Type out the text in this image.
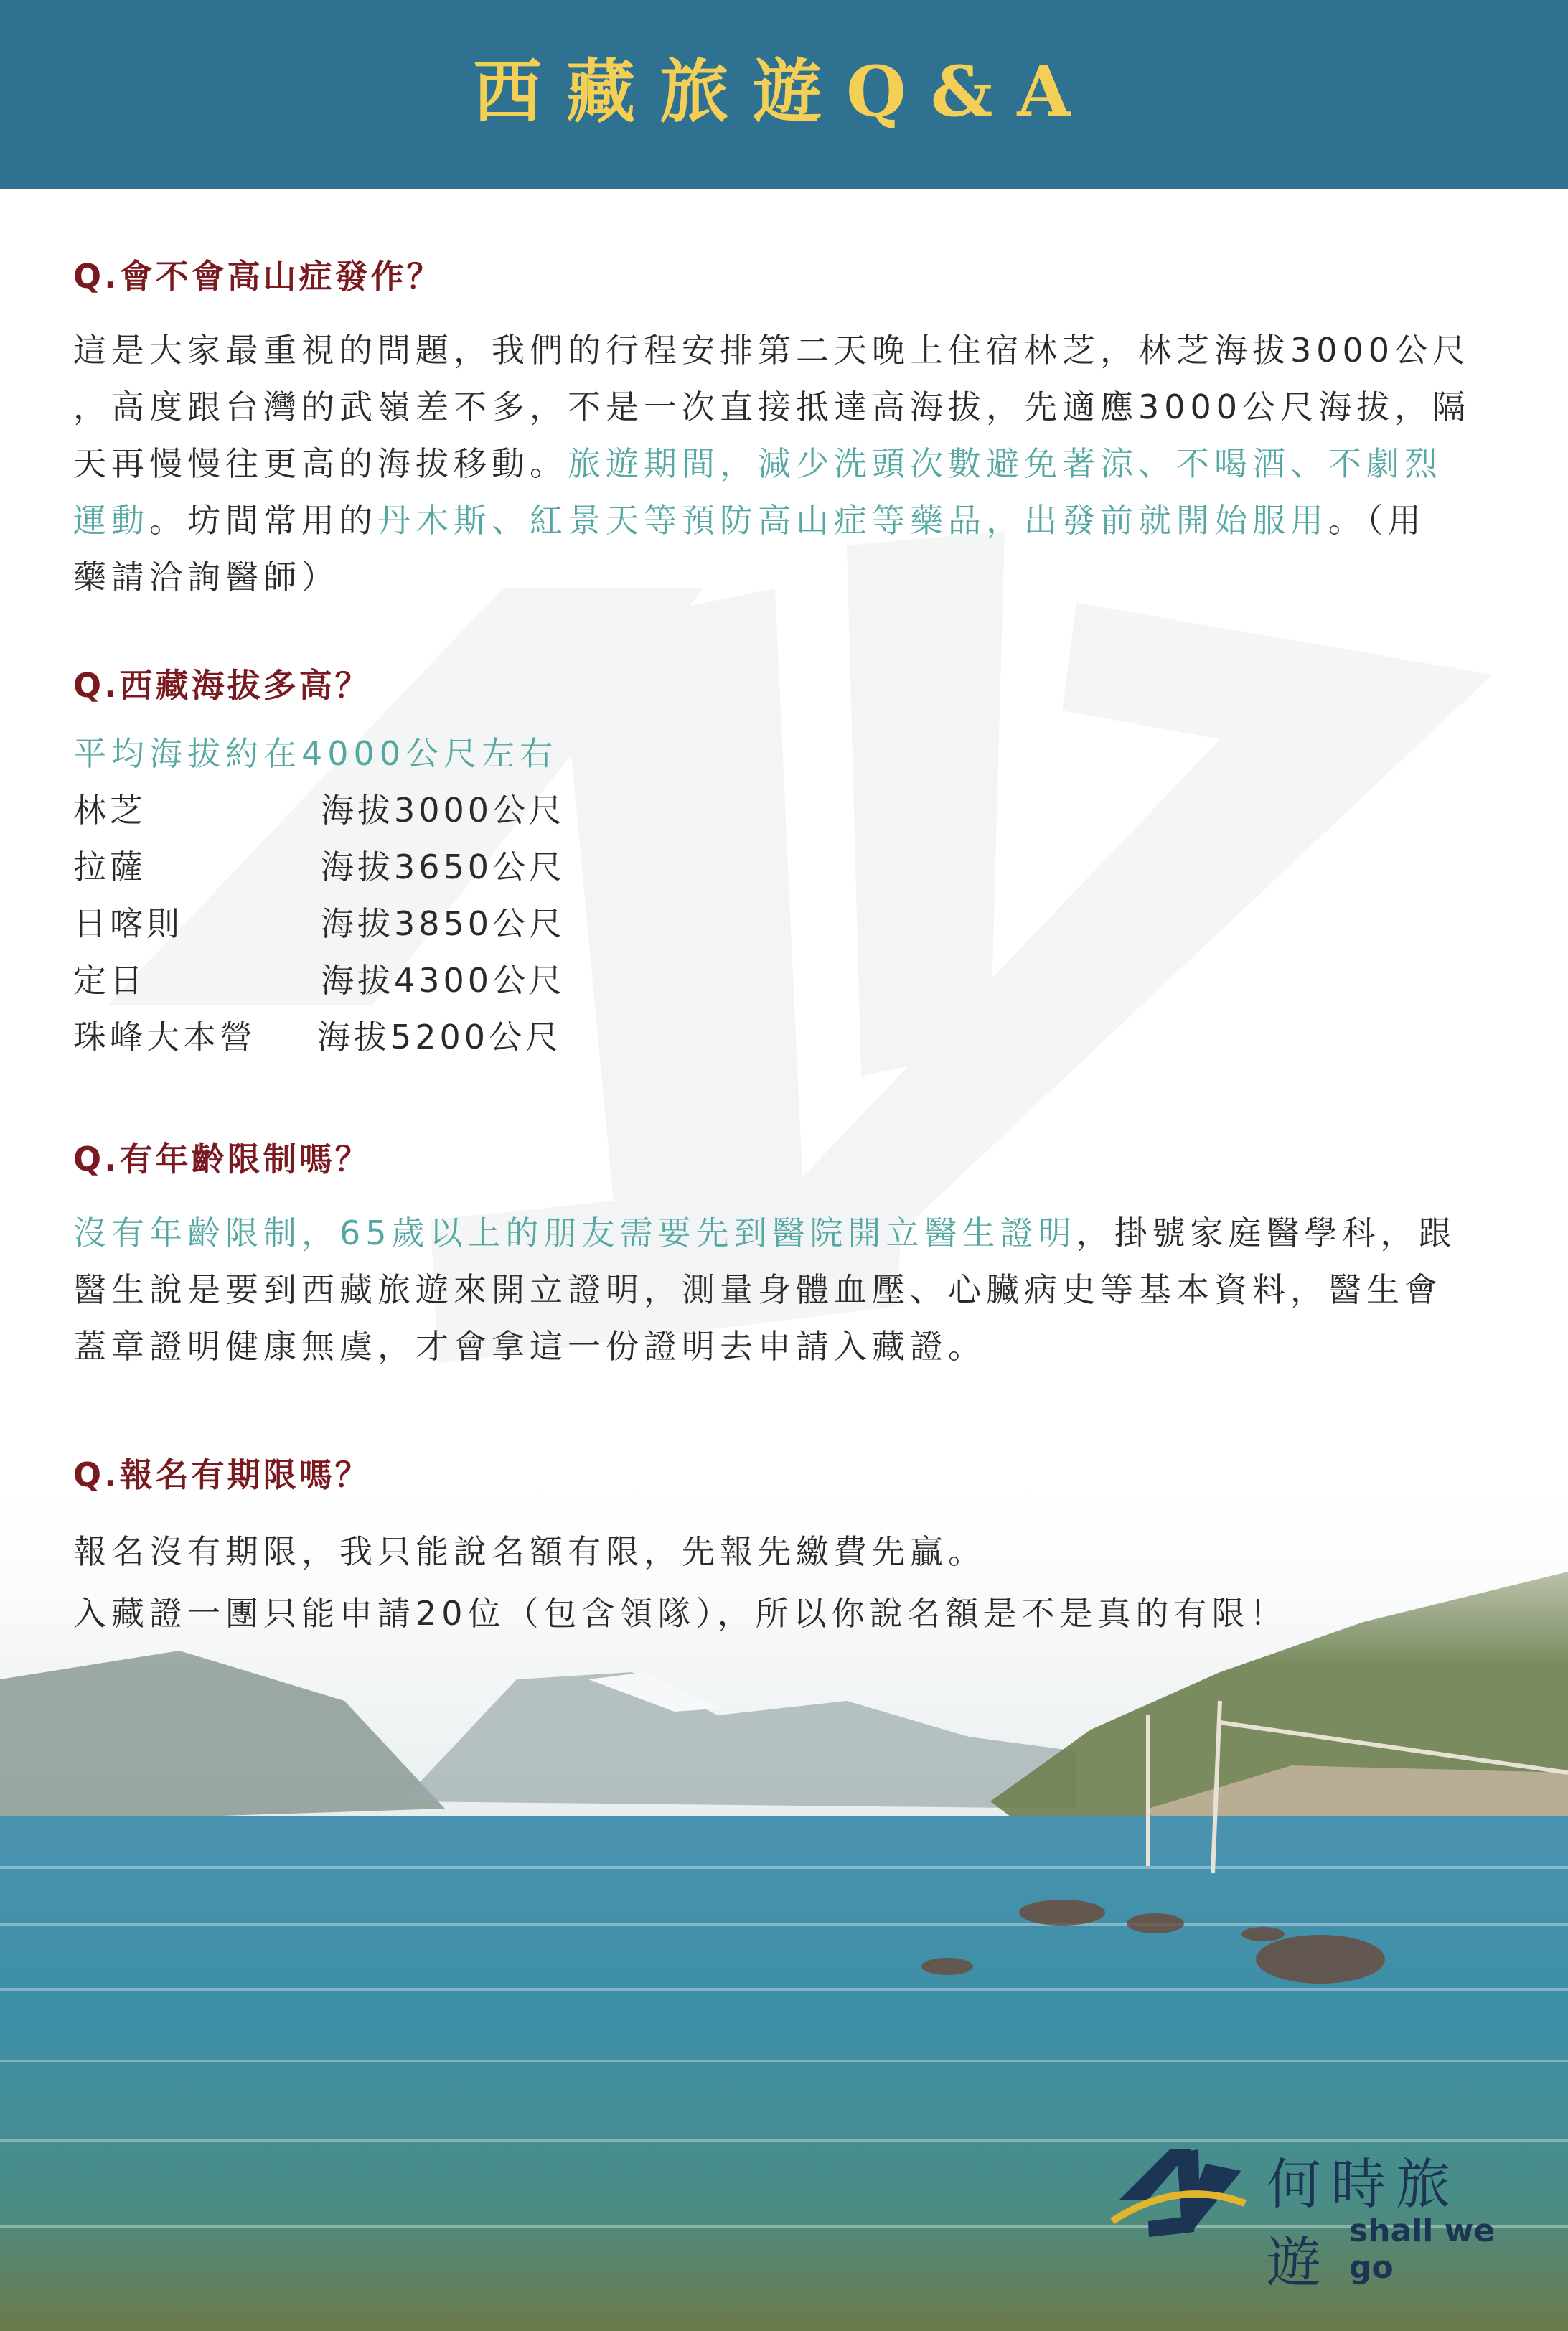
西藏旅遊Q&A
Q.會不會高山症發作？
這是大家最重視的問題，我們的行程安排第二天晚上住宿林芝，林芝海拔3000公尺
，高度跟台灣的武嶺差不多，不是一次直接抵達高海拔，先適應3000公尺海拔，隔
天再慢慢往更高的海拔移動。旅遊期間，減少洗頭次數避免著涼、不喝酒、不劇烈
運動。坊間常用的丹木斯、紅景天等預防高山症等藥品，出發前就開始服用。（用
藥請洽詢醫師）
Q.西藏海拔多高？
平均海拔約在4000公尺左右
林芝	海拔3000公尺
拉薩	海拔3650公尺
日喀則	海拔3850公尺
定日	海拔4300公尺
珠峰大本營	海拔5200公尺
Q.有年齡限制嗎？
沒有年齡限制，65歲以上的朋友需要先到醫院開立醫生證明，掛號家庭醫學科，跟
醫生說是要到西藏旅遊來開立證明，測量身體血壓、心臟病史等基本資料，醫生會
蓋章證明健康無虞，才會拿這一份證明去申請入藏證。
Q.報名有期限嗎？
報名沒有期限，我只能說名額有限，先報先繳費先贏。
入藏證一團只能申請20位（包含領隊），所以你說名額是不是真的有限！
何時旅遊 shall we go
